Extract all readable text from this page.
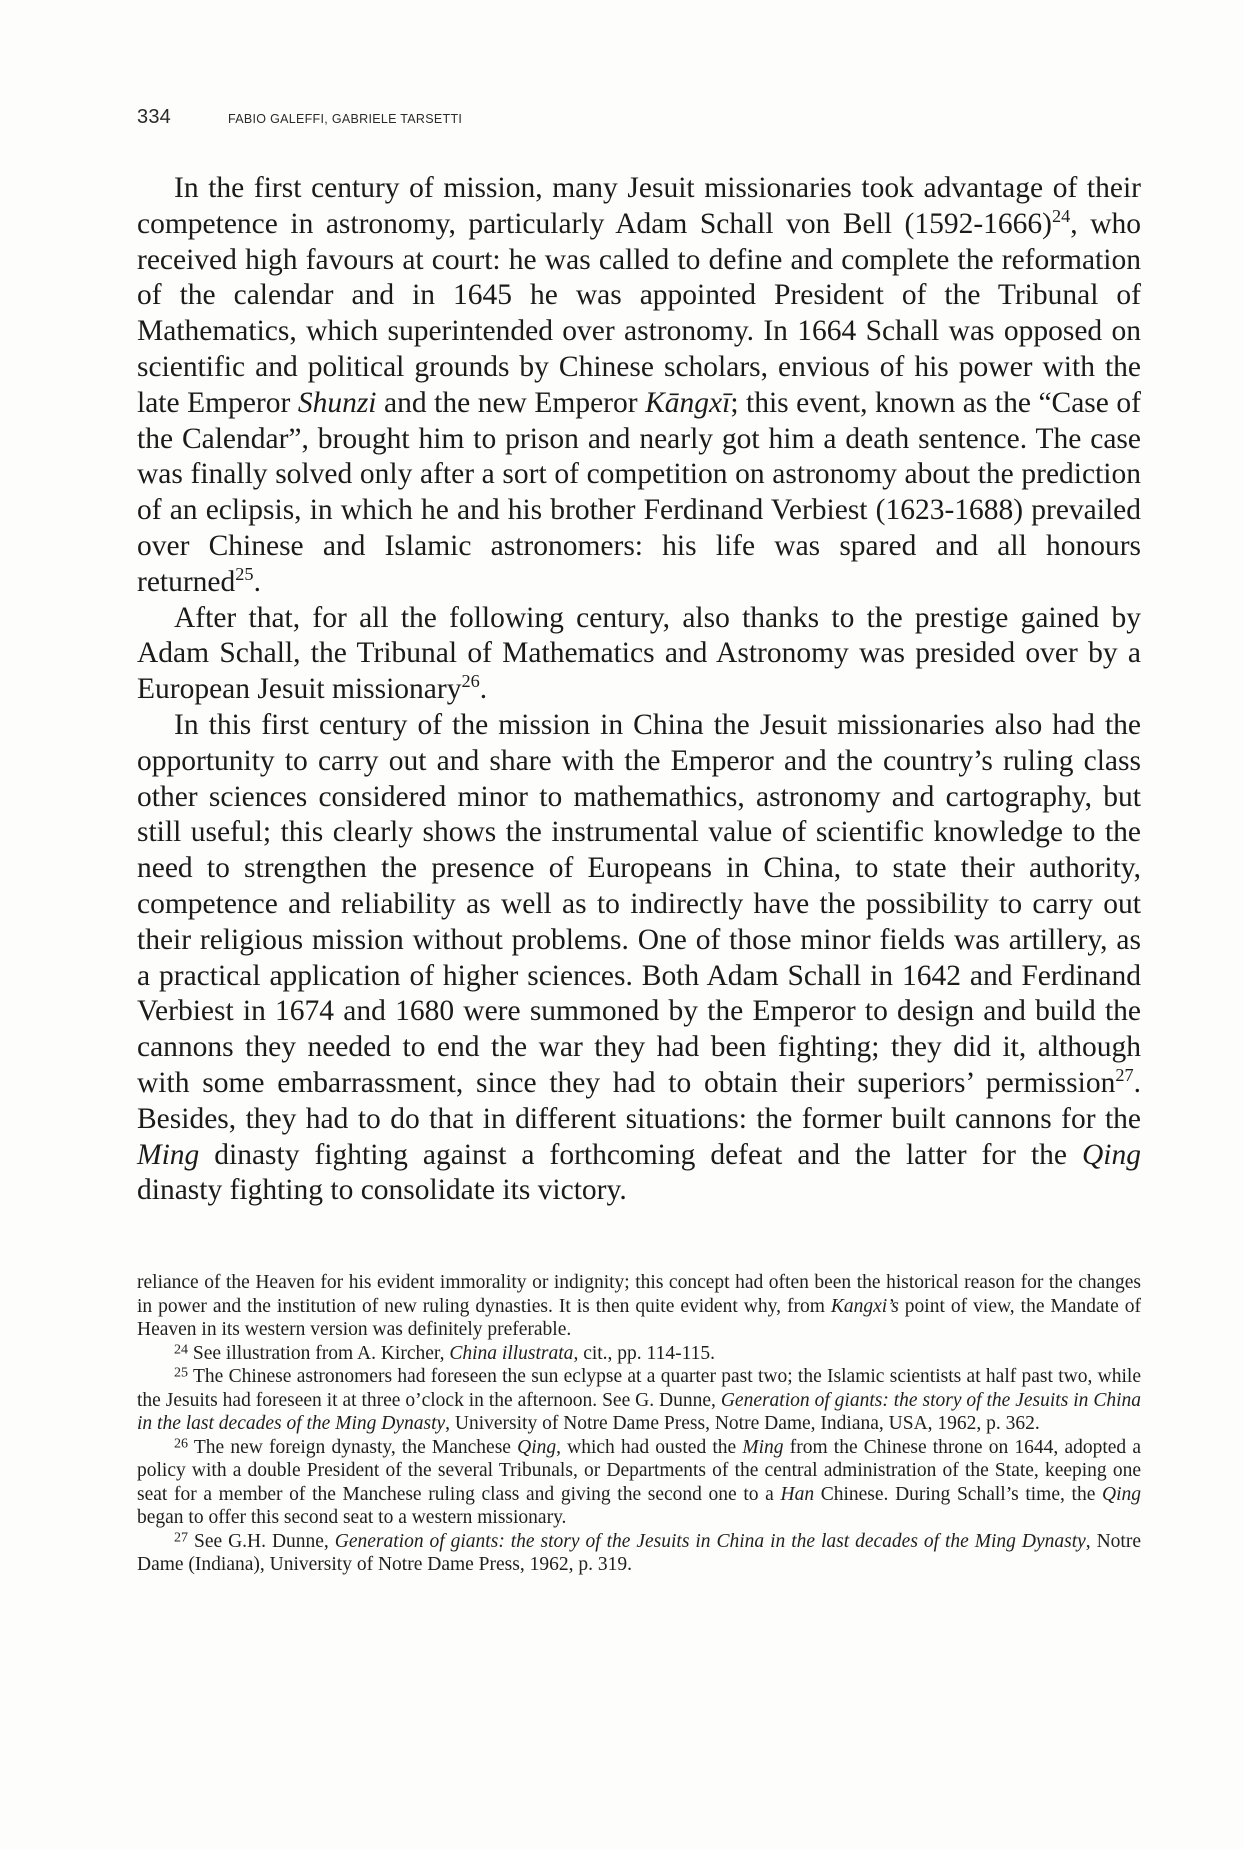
334	FABIO GALEFFI, GABRIELE TARSETTI

In the first century of mission, many Jesuit missionaries took advantage of their competence in astronomy, particularly Adam Schall von Bell (1592-1666)$^{24}$, who received high favours at court: he was called to define and complete the reformation of the calendar and in 1645 he was appointed President of the Tribunal of Mathematics, which superintended over astronomy. In 1664 Schall was opposed on scientific and political grounds by Chinese scholars, envious of his power with the late Emperor Shunzi and the new Emperor Kāngxī; this event, known as the “Case of the Calendar”, brought him to prison and nearly got him a death sentence. The case was finally solved only after a sort of competition on astronomy about the prediction of an eclipsis, in which he and his brother Ferdinand Verbiest (1623-1688) prevailed over Chinese and Islamic astronomers: his life was spared and all honours returned$^{25}$.

After that, for all the following century, also thanks to the prestige gained by Adam Schall, the Tribunal of Mathematics and Astronomy was presided over by a European Jesuit missionary$^{26}$.

In this first century of the mission in China the Jesuit missionaries also had the opportunity to carry out and share with the Emperor and the country’s ruling class other sciences considered minor to mathemathics, astronomy and cartography, but still useful; this clearly shows the instrumental value of scientific knowledge to the need to strengthen the presence of Europeans in China, to state their authority, competence and reliability as well as to indirectly have the possibility to carry out their religious mission without problems. One of those minor fields was artillery, as a practical application of higher sciences. Both Adam Schall in 1642 and Ferdinand Verbiest in 1674 and 1680 were summoned by the Emperor to design and build the cannons they needed to end the war they had been fighting; they did it, although with some embarrassment, since they had to obtain their superiors’ permission$^{27}$. Besides, they had to do that in different situations: the former built cannons for the Ming dinasty fighting against a forthcoming defeat and the latter for the Qing dinasty fighting to consolidate its victory.

reliance of the Heaven for his evident immorality or indignity; this concept had often been the historical reason for the changes in power and the institution of new ruling dynasties. It is then quite evident why, from Kangxi’s point of view, the Mandate of Heaven in its western version was definitely preferable.

$^{24}$ See illustration from A. Kircher, China illustrata, cit., pp. 114-115.

$^{25}$ The Chinese astronomers had foreseen the sun eclypse at a quarter past two; the Islamic scientists at half past two, while the Jesuits had foreseen it at three o’clock in the afternoon. See G. Dunne, Generation of giants: the story of the Jesuits in China in the last decades of the Ming Dynasty, University of Notre Dame Press, Notre Dame, Indiana, USA, 1962, p. 362.

$^{26}$ The new foreign dynasty, the Manchese Qing, which had ousted the Ming from the Chinese throne on 1644, adopted a policy with a double President of the several Tribunals, or Departments of the central administration of the State, keeping one seat for a member of the Manchese ruling class and giving the second one to a Han Chinese. During Schall’s time, the Qing began to offer this second seat to a western missionary.

$^{27}$ See G.H. Dunne, Generation of giants: the story of the Jesuits in China in the last decades of the Ming Dynasty, Notre Dame (Indiana), University of Notre Dame Press, 1962, p. 319.
